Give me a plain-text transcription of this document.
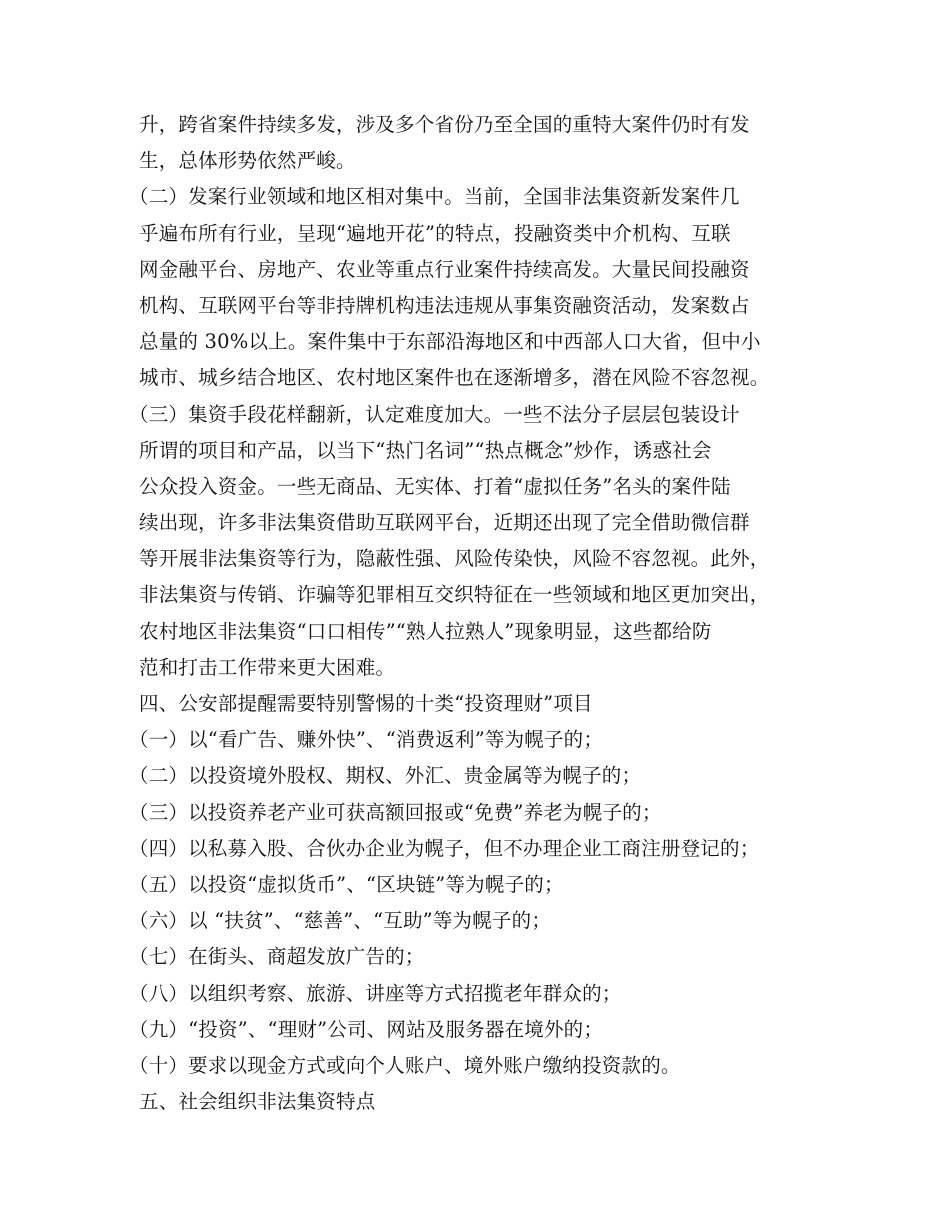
升，跨省案件持续多发，涉及多个省份乃至全国的重特大案件仍时有发
生，总体形势依然严峻。
（二）发案行业领域和地区相对集中。当前，全国非法集资新发案件几
乎遍布所有行业，呈现“遍地开花”的特点，投融资类中介机构、互联
网金融平台、房地产、农业等重点行业案件持续高发。大量民间投融资
机构、互联网平台等非持牌机构违法违规从事集资融资活动，发案数占
总量的 30%以上。案件集中于东部沿海地区和中西部人口大省，但中小
城市、城乡结合地区、农村地区案件也在逐渐增多，潜在风险不容忽视。
（三）集资手段花样翻新，认定难度加大。一些不法分子层层包装设计
所谓的项目和产品，以当下“热门名词”“热点概念”炒作，诱惑社会
公众投入资金。一些无商品、无实体、打着“虚拟任务”名头的案件陆
续出现，许多非法集资借助互联网平台，近期还出现了完全借助微信群
等开展非法集资等行为，隐蔽性强、风险传染快，风险不容忽视。此外，
非法集资与传销、诈骗等犯罪相互交织特征在一些领域和地区更加突出，
农村地区非法集资“口口相传”“熟人拉熟人”现象明显，这些都给防
范和打击工作带来更大困难。
四、公安部提醒需要特别警惕的十类“投资理财”项目
（一）以“看广告、赚外快”、“消费返利”等为幌子的；
（二）以投资境外股权、期权、外汇、贵金属等为幌子的；
（三）以投资养老产业可获高额回报或“免费”养老为幌子的；
（四）以私募入股、合伙办企业为幌子，但不办理企业工商注册登记的；
（五）以投资“虚拟货币”、“区块链”等为幌子的；
（六）以 “扶贫”、“慈善”、“互助”等为幌子的；
（七）在街头、商超发放广告的；
（八）以组织考察、旅游、讲座等方式招揽老年群众的；
（九）“投资”、“理财”公司、网站及服务器在境外的；
（十）要求以现金方式或向个人账户、境外账户缴纳投资款的。
五、社会组织非法集资特点
